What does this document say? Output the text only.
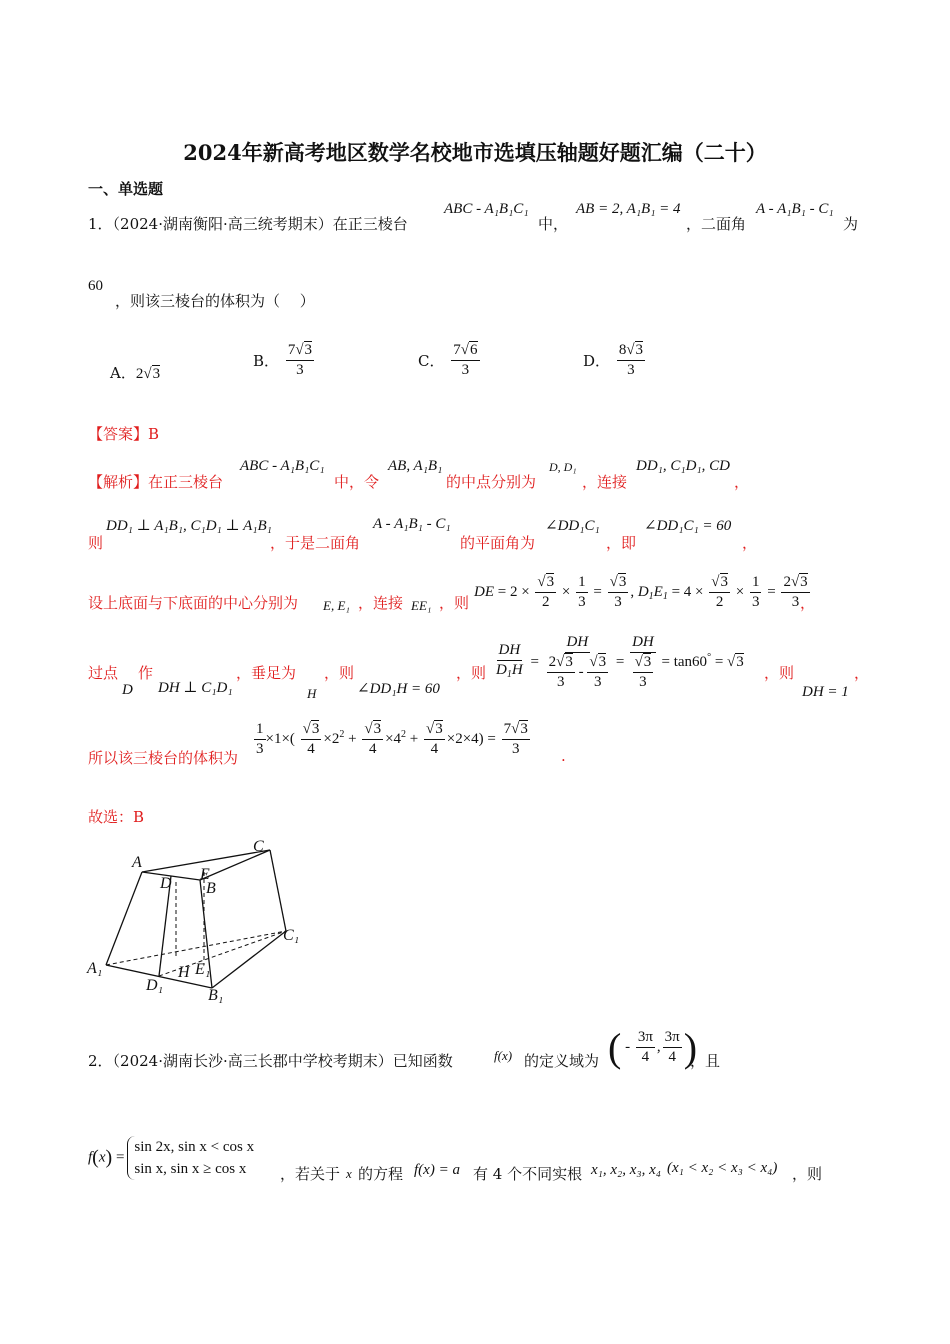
2024年新高考地区数学名校地市选填压轴题好题汇编（二十）
一、单选题
1．（2024·湖南衡阳·高三统考期末）在正三棱台
ABC - A₁B₁C₁
中，
AB = 2, A₁B₁ = 4
，二面角
A - A₁B₁ - C₁
为
60
，则该三棱台的体积为（　 ）
A．2√3
B． $\frac{7√3}{3}$	C． $\frac{7√6}{3}$	D． $\frac{8√3}{3}$
【答案】B
【解析】在正三棱台
ABC - A₁B₁C₁
中，令
AB, A₁B₁
的中点分别为
D, D₁
，连接
DD₁, C₁D₁, CD
，
则
DD₁ ⊥ A₁B₁, C₁D₁ ⊥ A₁B₁
，于是二面角
A - A₁B₁ - C₁
的平面角为
∠DD₁C₁
，即
∠DD₁C₁ = 60
，
设上底面与下底面的中心分别为 E, E₁ ，连接 EE₁ ，则
DE = $2 \times \frac{√3}{2} \times \frac{1}{3} = \frac{√3}{3}$ , $D_1E_1 = 4 \times \frac{√3}{2} \times \frac{1}{3} = \frac{2√3}{3}$
，
过点
D
作
DH ⊥ C₁D₁
，垂足为
H
，则
∠DD₁H = 60
，则 $\frac{DH}{D_1H} = \frac{DH}{\frac{2√3}{3} - \frac{√3}{3}} = \frac{DH}{\frac{√3}{3}} = \tan 60^\circ = √3$
，则
DH = 1
，
所以该三棱台的体积为 $\frac{1}{3} \times 1\times( \frac{√3}{4} \times 2^2 + \frac{√3}{4} \times 4^2 + \frac{√3}{4} \times 2\times 4) = \frac{7√3}{3}$ .
故选：B
A
C
D
E
B
C₁
A₁	H E₁
D₁
B₁
2．（2024·湖南长沙·高三长郡中学校考期末）已知函数	f(x) 的定义域为 ( - $\frac{3\pi}{4}$ , $\frac{3\pi}{4}$ )
，且
f(x) =
sin 2x, sin x < cos x
sin x, sin x ≥ cos x	，若关于 x 的方程 f(x) = a 有 4 个不同实根 x₁, x₂, x₃, x₄ (x₁ < x₂ < x₃ < x₄) ，则
